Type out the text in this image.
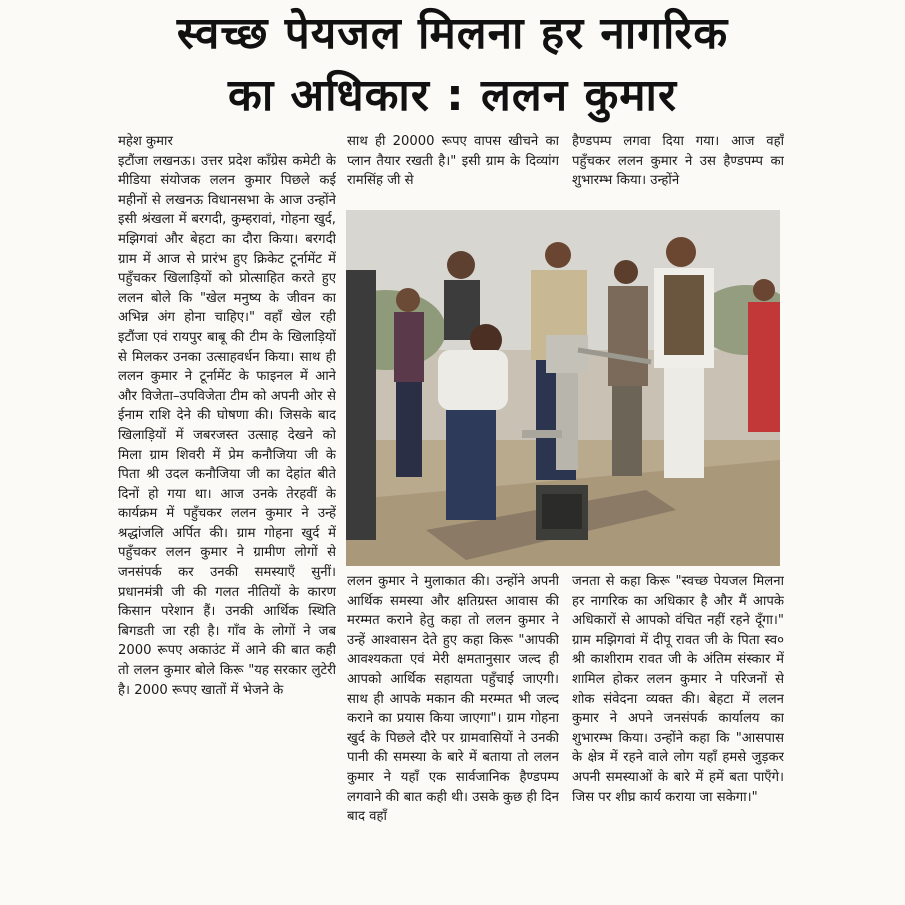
स्वच्छ पेयजल मिलना हर नागरिक
का अधिकार : ललन कुमार

महेश कुमार

इटौंजा लखनऊ। उत्तर प्रदेश कॉंग्रेस कमेटी के मीडिया संयोजक ललन कुमार पिछले कई महीनों से लखनऊ विधानसभा के आज उन्होंने इसी श्रंखला में बरगदी, कुम्हरावां, गोहना खुर्द, मझिगवां और बेहटा का दौरा किया। बरगदी ग्राम में आज से प्रारंभ हुए क्रिकेट टूर्नामेंट में पहुँचकर खिलाड़ियों को प्रोत्साहित करते हुए ललन बोले कि "खेल मनुष्य के जीवन का अभिन्न अंग होना चाहिए।" वहाँ खेल रही इटौंजा एवं रायपुर बाबू की टीम के खिलाड़ियों से मिलकर उनका उत्साहवर्धन किया। साथ ही ललन कुमार ने टूर्नामेंट के फाइनल में आने और विजेता–उपविजेता टीम को अपनी ओर से ईनाम राशि देने की घोषणा की। जिसके बाद खिलाड़ियों में जबरजस्त उत्साह देखने को मिला ग्राम शिवरी में प्रेम कनौजिया जी के पिता श्री उदल कनौजिया जी का देहांत बीते दिनों हो गया था। आज उनके तेरहवीं के कार्यक्रम में पहुँचकर ललन कुमार ने उन्हें श्रद्धांजलि अर्पित की। ग्राम गोहना खुर्द में पहुँचकर ललन कुमार ने ग्रामीण लोगों से जनसंपर्क कर उनकी समस्याएँ सुनीं। प्रधानमंत्री जी की गलत नीतियों के कारण किसान परेशान हैं। उनकी आर्थिक स्थिति बिगडती जा रही है। गाँव के लोगों ने जब 2000 रूपए अकाउंट में आने की बात कही तो ललन कुमार बोले किरू "यह सरकार लुटेरी है। 2000 रूपए खातों में भेजने के

साथ ही 20000 रूपए वापस खीचने का प्लान तैयार रखती है।" इसी ग्राम के दिव्यांग रामसिंह जी से

हैण्डपम्प लगवा दिया गया। आज वहाँ पहुँचकर ललन कुमार ने उस हैण्डपम्प का शुभारम्भ किया। उन्होंने

ललन कुमार ने मुलाकात की। उन्होंने अपनी आर्थिक समस्या और क्षतिग्रस्त आवास की मरम्मत कराने हेतु कहा तो ललन कुमार ने उन्हें आश्वासन देते हुए कहा किरू "आपकी आवश्यकता एवं मेरी क्षमतानुसार जल्द ही आपको आर्थिक सहायता पहुँचाई जाएगी। साथ ही आपके मकान की मरम्मत भी जल्द कराने का प्रयास किया जाएगा"। ग्राम गोहना खुर्द के पिछले दौरे पर ग्रामवासियों ने उनकी पानी की समस्या के बारे में बताया तो ललन कुमार ने यहाँ एक सार्वजानिक हैण्डपम्प लगवाने की बात कही थी। उसके कुछ ही दिन बाद वहाँ

जनता से कहा किरू "स्वच्छ पेयजल मिलना हर नागरिक का अधिकार है और मैं आपके अधिकारों से आपको वंचित नहीं रहने दूँगा।" ग्राम मझिगवां में दीपू रावत जी के पिता स्व० श्री काशीराम रावत जी के अंतिम संस्कार में शामिल होकर ललन कुमार ने परिजनों से शोक संवेदना व्यक्त की। बेहटा में ललन कुमार ने अपने जनसंपर्क कार्यालय का शुभारम्भ किया। उन्होंने कहा कि "आसपास के क्षेत्र में रहने वाले लोग यहाँ हमसे जुड़कर अपनी समस्याओं के बारे में हमें बता पाएँगे। जिस पर शीघ्र कार्य कराया जा सकेगा।"
